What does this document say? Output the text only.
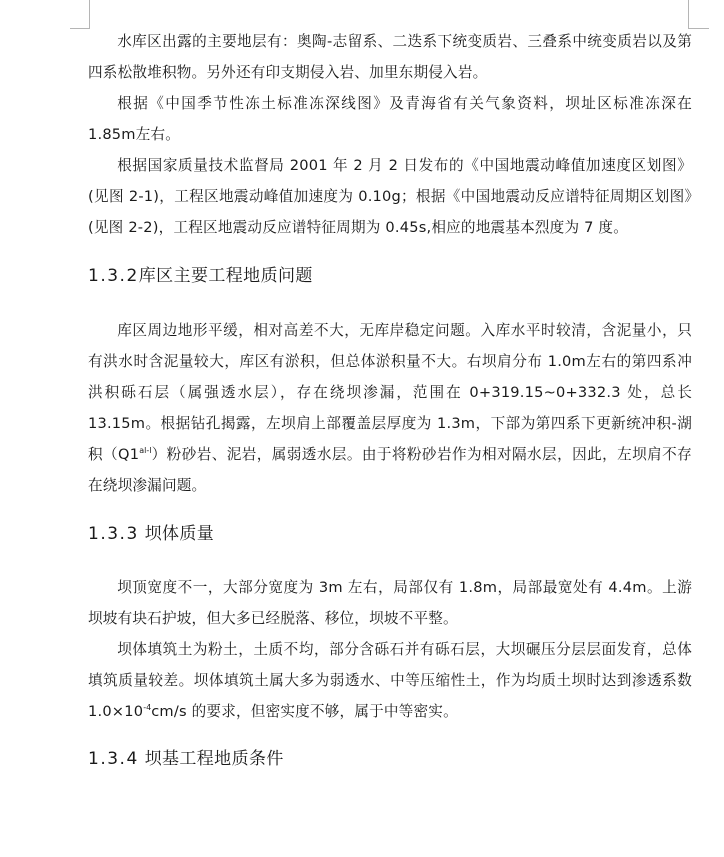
水库区出露的主要地层有：奥陶-志留系、二迭系下统变质岩、三叠系中统变质岩以及第四系松散堆积物。另外还有印支期侵入岩、加里东期侵入岩。

根据《中国季节性冻土标准冻深线图》及青海省有关气象资料，坝址区标准冻深在1.85m左右。

根据国家质量技术监督局 2001 年 2 月 2 日发布的《中国地震动峰值加速度区划图》(见图 2-1)，工程区地震动峰值加速度为 0.10g；根据《中国地震动反应谱特征周期区划图》(见图 2-2)，工程区地震动反应谱特征周期为 0.45s,相应的地震基本烈度为 7 度。

1.3.2库区主要工程地质问题

库区周边地形平缓，相对高差不大，无库岸稳定问题。入库水平时较清，含泥量小，只有洪水时含泥量较大，库区有淤积，但总体淤积量不大。右坝肩分布 1.0m左右的第四系冲洪积砾石层（属强透水层），存在绕坝渗漏，范围在 0+319.15~0+332.3 处，总长 13.15m。根据钻孔揭露，左坝肩上部覆盖层厚度为 1.3m，下部为第四系下更新统冲积-湖积$(Q1^{al-l})$粉砂岩、泥岩，属弱透水层。由于将粉砂岩作为相对隔水层，因此，左坝肩不存在绕坝渗漏问题。

1.3.3 坝体质量

坝顶宽度不一，大部分宽度为 3m 左右，局部仅有 1.8m，局部最宽处有 4.4m。上游坝坡有块石护坡，但大多已经脱落、移位，坝坡不平整。

坝体填筑土为粉土，土质不均，部分含砾石并有砾石层，大坝碾压分层层面发育，总体填筑质量较差。坝体填筑土属大多为弱透水、中等压缩性土，作为均质土坝时达到渗透系数 $1.0\times 10^{-4}cm/s$ 的要求，但密实度不够，属于中等密实。

1.3.4 坝基工程地质条件
